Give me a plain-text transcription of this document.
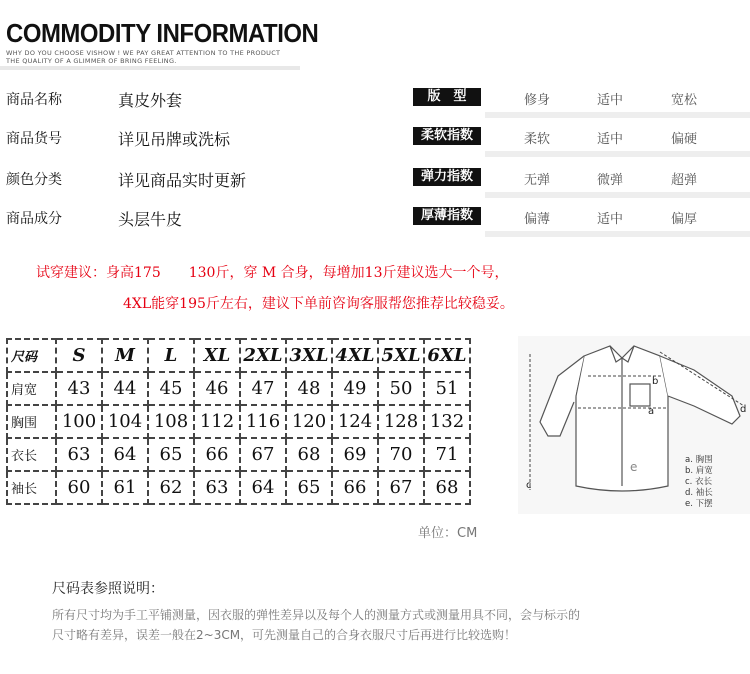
COMMODITY INFORMATION
WHY DO YOU CHOOSE VISHOW ! WE PAY GREAT ATTENTION TO THE PRODUCT
THE QUALITY OF A GLIMMER OF BRING FEELING.
商品名称	真皮外套	版　型	修身	适中	宽松
商品货号	详见吊牌或洗标	柔软指数	柔软	适中	偏硬
颜色分类	详见商品实时更新	弹力指数	无弹	微弹	超弹
商品成分	头层牛皮	厚薄指数	偏薄	适中	偏厚
试穿建议：身高175　　130斤，穿 M 合身，每增加13斤建议选大一个号，
4XL能穿195斤左右，建议下单前咨询客服帮您推荐比较稳妥。
尺码	S	M	L	XL	2XL	3XL	4XL	5XL	6XL
肩宽	43	44	45	46	47	48	49	50	51
胸围	100	104	108	112	116	120	124	128	132
衣长	63	64	65	66	67	68	69	70	71
袖长	60	61	62	63	64	65	66	67	68
b
a
c
d
e	a. 胸围
b. 肩宽
c. 衣长
d. 袖长
e. 下摆
单位：CM
尺码表参照说明：
所有尺寸均为手工平铺测量，因衣服的弹性差异以及每个人的测量方式或测量用具不同，会与标示的
尺寸略有差异，误差一般在2~3CM，可先测量自己的合身衣服尺寸后再进行比较选购！
